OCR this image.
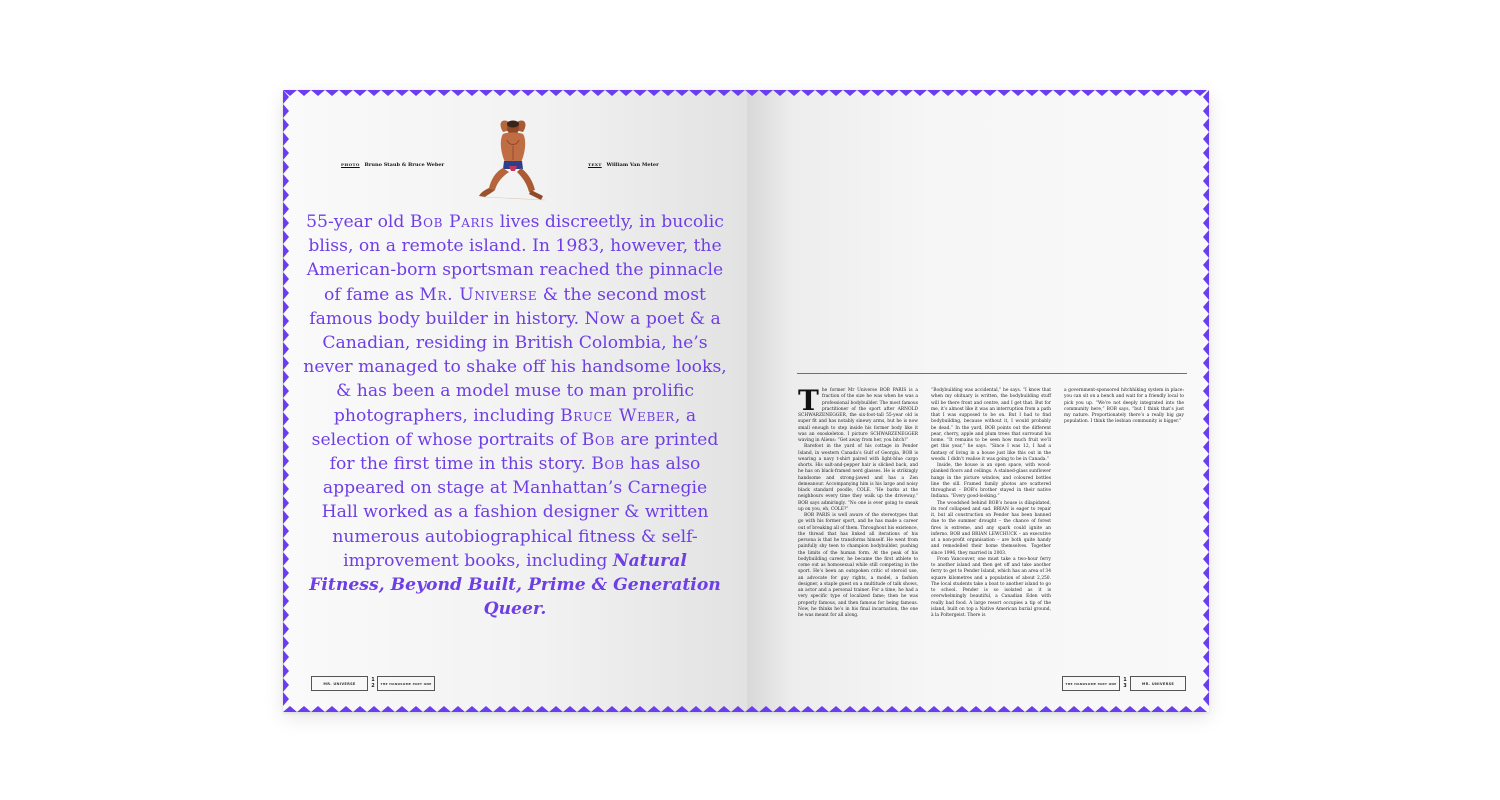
PHOTO Bruno Staub & Bruce Weber	TEXT William Van Meter
55-year old Bob Paris lives discreetly, in bucolic bliss, on a remote island. In 1983, however, the American-born sportsman reached the pinnacle of fame as Mr. Universe & the second most famous body builder in history. Now a poet & a Canadian, residing in British Colombia, he’s never managed to shake off his handsome looks, & has been a model muse to man prolific photographers, including Bruce Weber, a selection of whose portraits of Bob are printed for the first time in this story. Bob has also appeared on stage at Manhattan’s Carnegie Hall worked as a fashion designer & written numerous autobiographical fitness & self-improvement books, including Natural Fitness, Beyond Built, Prime & Generation Queer.
MR. UNIVERSE
1
2	THE HANDSOME PART ONE
T he former Mr Universe BOB PARIS is a fraction of the size he was when he was a professional bodybuilder. The most famous practitioner of the sport after ARNOLD SCHWARZENEGGER, the six-foot-tall 55-year old is super fit and has notably sinewy arms, but he is now small enough to step inside his former body like it was an exoskeleton. I picture SCHWARZENEGGER waving in Aliens: “Get away from her, you bitch!”

Barefoot in the yard of his cottage in Pender Island, in western Canada’s Gulf of Georgia, BOB is wearing a navy t-shirt paired with light-blue cargo shorts. His salt-and-pepper hair is slicked back, and he has on black-framed nerd glasses. He is strikingly handsome and strong-jawed and has a Zen demeanour. Accompanying him is his large and noisy black standard poodle, COLE. “He barks at the neighbours every time they walk up the driveway,” BOB says admiringly. “No one is ever going to sneak up on you, eh, COLE?”

BOB PARIS is well aware of the stereotypes that go with his former sport, and he has made a career out of breaking all of them. Throughout his existence, the thread that has linked all iterations of his persona is that he transforms himself. He went from painfully shy teen to champion bodybuilder, pushing the limits of the human form. At the peak of his bodybuilding career, he became the first athlete to come out as homosexual while still competing in the sport. He’s been an outspoken critic of steroid use, an advocate for gay rights, a model, a fashion designer, a staple guest on a multitude of talk shows, an actor and a personal trainer. For a time, he had a very specific type of localized fame; then he was properly famous, and then famous for being famous. Now, he thinks he’s in his final incarnation, the one he was meant for all along.

“Bodybuilding was accidental,” he says. “I know that when my obituary is written, the bodybuilding stuff will be there front and centre, and I get that. But for me, it’s almost like it was an interruption from a path that I was supposed to be on. But I had to find bodybuilding, because without it, I would probably be dead.” In the yard, BOB points out the different pear, cherry, apple and plum trees that surround his home. “It remains to be seen how much fruit we’ll get this year,” he says. “Since I was 12, I had a fantasy of living in a house just like this out in the woods. I didn’t realise it was going to be in Canada.”

Inside, the house is an open space, with wood-planked floors and ceilings. A stained-glass sunflower hangs in the picture window, and coloured bottles line the sill. Framed family photos are scattered throughout – BOB’s brother stayed in their native Indiana. “Every good-looking.”

The woodshed behind BOB’s house is dilapidated, its roof collapsed and sad. BRIAN is eager to repair it, but all construction on Pender has been banned due to the summer drought – the chance of forest fires is extreme, and any spark could ignite an inferno. BOB and BRIAN LEWCHUCK – an executive at a non-profit organisation – are both quite handy and remodelled their home themselves. Together since 1996, they married in 2003.

From Vancouver, one must take a two-hour ferry to another island and then get off and take another ferry to get to Pender Island, which has an area of 34 square kilometres and a population of about 2,250. The local students take a boat to another island to go to school. Pender is so isolated as it is overwhelmingly beautiful, a Canadian Eden with really bad food. A large resort occupies a tip of the island, built on top a Native American burial ground, à la Poltergeist. There is

a government-sponsored hitchhiking system in place: you can sit on a bench and wait for a friendly local to pick you up. “We’re not deeply integrated into the community here,” BOB says, “but I think that’s just my nature. Proportionately there’s a really big gay population. I think the lesbian community is bigger.”

THE HANDSOME PART ONE
1
3	MR. UNIVERSE
